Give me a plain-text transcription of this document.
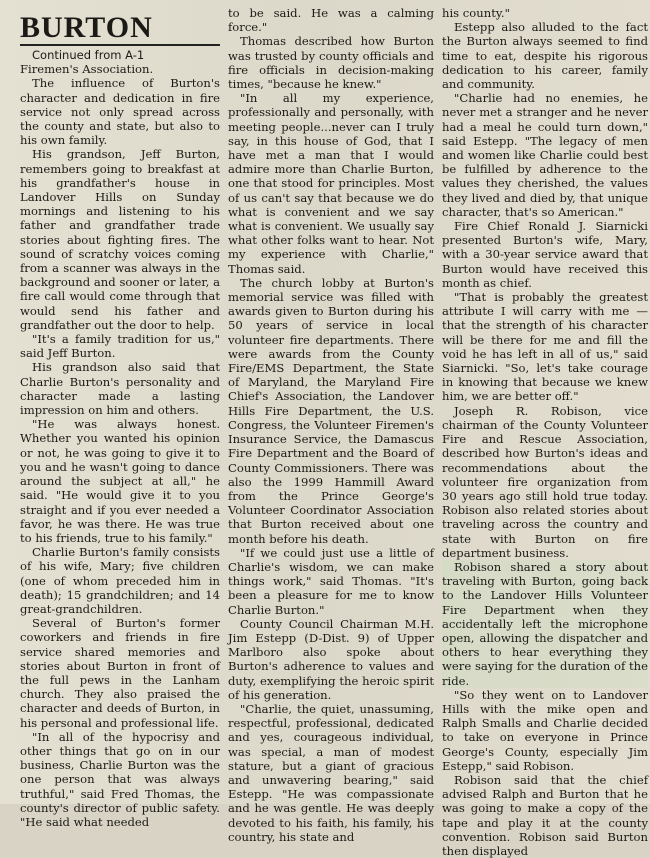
BURTON

Continued from A-1

Firemen's Association.

The influence of Burton's character and dedication in fire service not only spread across the county and state, but also to his own family.

His grandson, Jeff Burton, remembers going to breakfast at his grandfather's house in Landover Hills on Sunday mornings and listening to his father and grandfather trade stories about fighting fires. The sound of scratchy voices coming from a scanner was always in the background and sooner or later, a fire call would come through that would send his father and grandfather out the door to help.

"It's a family tradition for us," said Jeff Burton.

His grandson also said that Charlie Burton's personality and character made a lasting impression on him and others.

"He was always honest. Whether you wanted his opinion or not, he was going to give it to you and he wasn't going to dance around the subject at all," he said. "He would give it to you straight and if you ever needed a favor, he was there. He was true to his friends, true to his family."

Charlie Burton's family consists of his wife, Mary; five children (one of whom preceded him in death); 15 grandchildren; and 14 great-grandchildren.

Several of Burton's former coworkers and friends in fire service shared memories and stories about Burton in front of the full pews in the Lanham church. They also praised the character and deeds of Burton, in his personal and professional life.

"In all of the hypocrisy and other things that go on in our business, Charlie Burton was the one person that was always truthful," said Fred Thomas, the county's director of public safety. "He said what needed

to be said. He was a calming force."

Thomas described how Burton was trusted by county officials and fire officials in decision-making times, "because he knew."

"In all my experience, professionally and personally, with meeting people...never can I truly say, in this house of God, that I have met a man that I would admire more than Charlie Burton, one that stood for principles. Most of us can't say that because we do what is convenient and we say what is convenient. We usually say what other folks want to hear. Not my experience with Charlie," Thomas said.

The church lobby at Burton's memorial service was filled with awards given to Burton during his 50 years of service in local volunteer fire departments. There were awards from the County Fire/EMS Department, the State of Maryland, the Maryland Fire Chief's Association, the Landover Hills Fire Department, the U.S. Congress, the Volunteer Firemen's Insurance Service, the Damascus Fire Department and the Board of County Commissioners. There was also the 1999 Hammill Award from the Prince George's Volunteer Coordinator Association that Burton received about one month before his death.

"If we could just use a little of Charlie's wisdom, we can make things work," said Thomas. "It's been a pleasure for me to know Charlie Burton."

County Council Chairman M.H. Jim Estepp (D-Dist. 9) of Upper Marlboro also spoke about Burton's adherence to values and duty, exemplifying the heroic spirit of his generation.

"Charlie, the quiet, unassuming, respectful, professional, dedicated and yes, courageous individual, was special, a man of modest stature, but a giant of gracious and unwavering bearing," said Estepp. "He was compassionate and he was gentle. He was deeply devoted to his faith, his family, his country, his state and

his county."

Estepp also alluded to the fact the Burton always seemed to find time to eat, despite his rigorous dedication to his career, family and community.

"Charlie had no enemies, he never met a stranger and he never had a meal he could turn down," said Estepp. "The legacy of men and women like Charlie could best be fulfilled by adherence to the values they cherished, the values they lived and died by, that unique character, that's so American."

Fire Chief Ronald J. Siarnicki presented Burton's wife, Mary, with a 30-year service award that Burton would have received this month as chief.

"That is probably the greatest attribute I will carry with me — that the strength of his character will be there for me and fill the void he has left in all of us," said Siarnicki. "So, let's take courage in knowing that because we knew him, we are better off."

Joseph R. Robison, vice chairman of the County Volunteer Fire and Rescue Association, described how Burton's ideas and recommendations about the volunteer fire organization from 30 years ago still hold true today. Robison also related stories about traveling across the country and state with Burton on fire department business.

Robison shared a story about traveling with Burton, going back to the Landover Hills Volunteer Fire Department when they accidentally left the microphone open, allowing the dispatcher and others to hear everything they were saying for the duration of the ride.

"So they went on to Landover Hills with the mike open and Ralph Smalls and Charlie decided to take on everyone in Prince George's County, especially Jim Estepp," said Robison.

Robison said that the chief advised Ralph and Burton that he was going to make a copy of the tape and play it at the county convention. Robison said Burton then displayed
